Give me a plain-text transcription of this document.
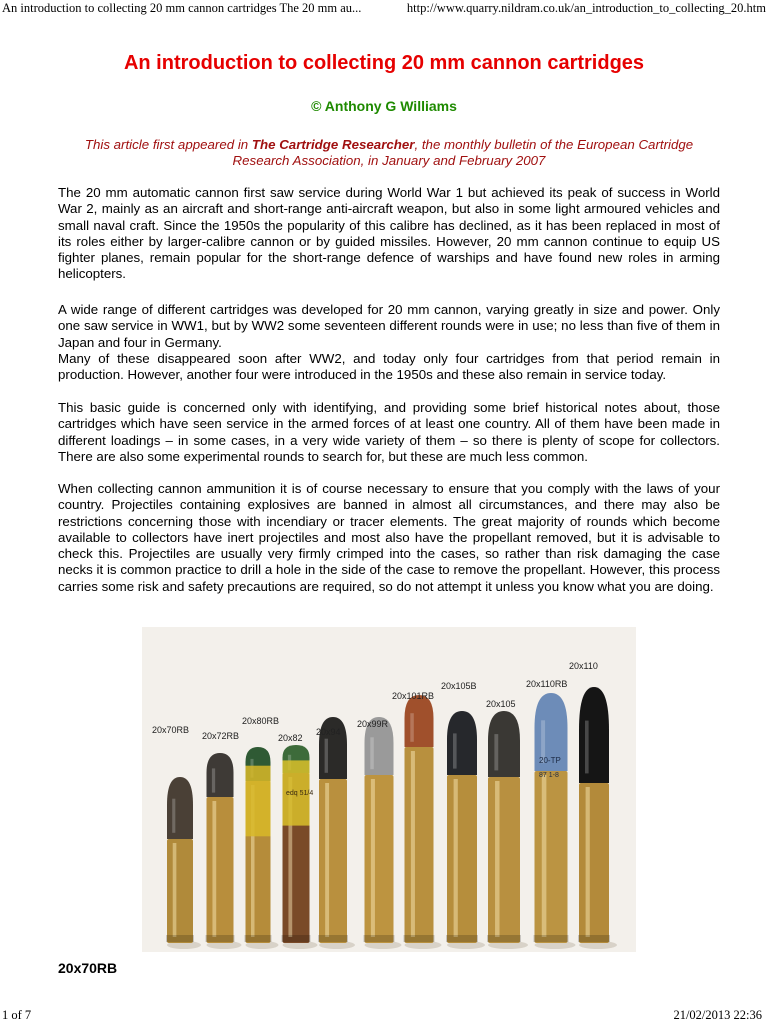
An introduction to collecting 20 mm cannon cartridges The 20 mm au...	http://www.quarry.nildram.co.uk/an_introduction_to_collecting_20.htm
An introduction to collecting 20 mm cannon cartridges
© Anthony G Williams
This article first appeared in The Cartridge Researcher, the monthly bulletin of the European Cartridge Research Association, in January and February 2007

The 20 mm automatic cannon first saw service during World War 1 but achieved its peak of success in World War 2, mainly as an aircraft and short-range anti-aircraft weapon, but also in some light armoured vehicles and small naval craft. Since the 1950s the popularity of this calibre has declined, as it has been replaced in most of its roles either by larger-calibre cannon or by guided missiles. However, 20 mm cannon continue to equip US fighter planes, remain popular for the short-range defence of warships and have found new roles in arming helicopters.

A wide range of different cartridges was developed for 20 mm cannon, varying greatly in size and power. Only one saw service in WW1, but by WW2 some seventeen different rounds were in use; no less than five of them in Japan and four in Germany.

Many of these disappeared soon after WW2, and today only four cartridges from that period remain in production. However, another four were introduced in the 1950s and these also remain in service today.

This basic guide is concerned only with identifying, and providing some brief historical notes about, those cartridges which have seen service in the armed forces of at least one country. All of them have been made in different loadings – in some cases, in a very wide variety of them – so there is plenty of scope for collectors. There are also some experimental rounds to search for, but these are much less common.

When collecting cannon ammunition it is of course necessary to ensure that you comply with the laws of your country. Projectiles containing explosives are banned in almost all circumstances, and there may also be restrictions concerning those with incendiary or tracer elements. The great majority of rounds which become available to collectors have inert projectiles and most also have the propellant removed, but it is advisable to check this. Projectiles are usually very firmly crimped into the cases, so rather than risk damaging the case necks it is common practice to drill a hole in the side of the case to remove the propellant. However, this process carries some risk and safety precautions are required, so do not attempt it unless you know what you are doing.

20x70RB
20x72RB
20x80RB
20x82
20x94
20x99R
20x101RB
20x105B
20x105
20x110RB
20x110
20-TP
87 1-8
edq 51/4
20x70RB
1 of 7	21/02/2013 22:36
